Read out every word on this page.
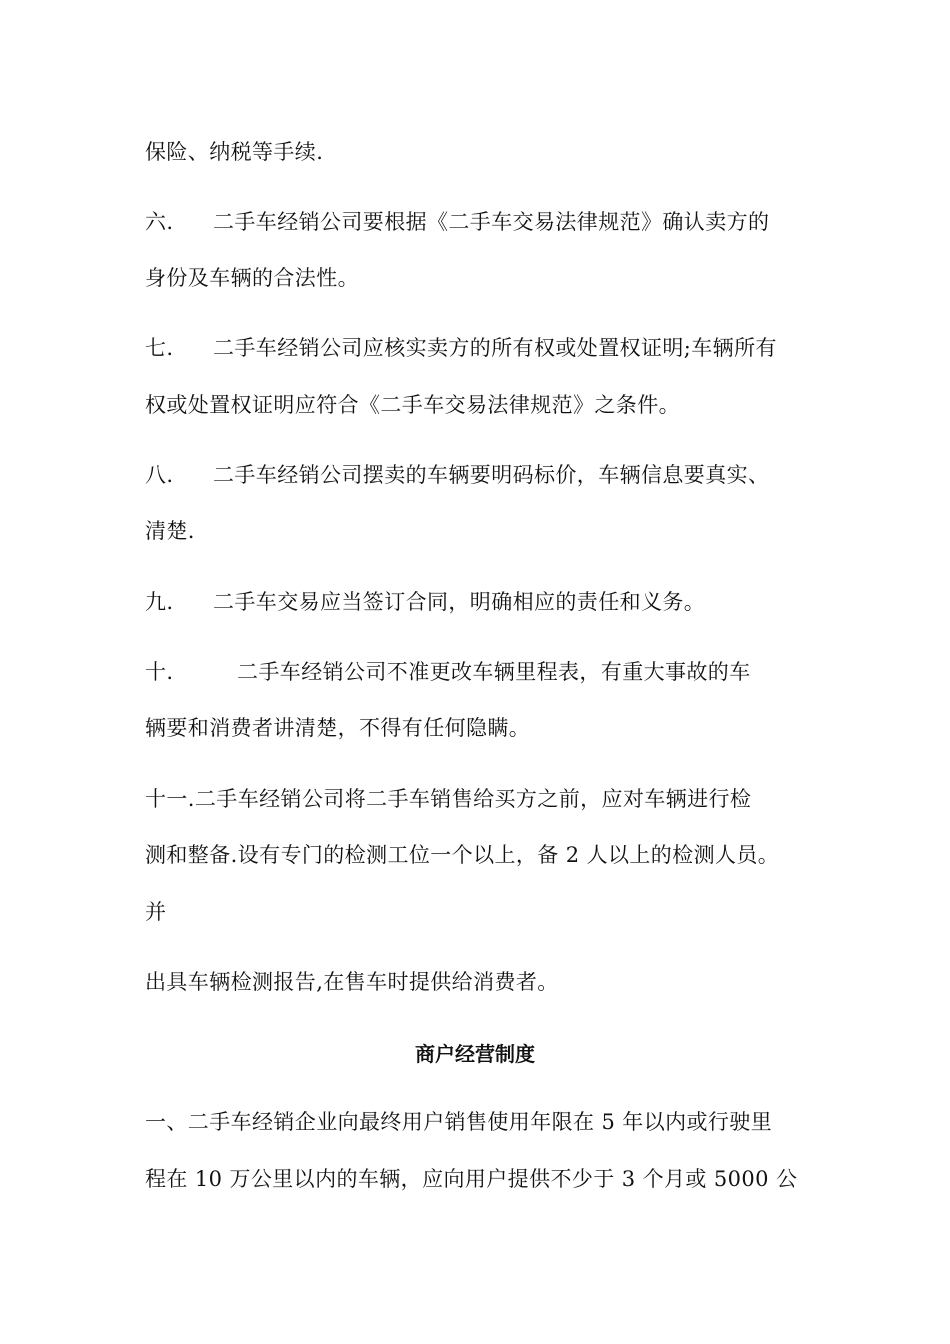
保险、纳税等手续.
六. 二手车经销公司要根据《二手车交易法律规范》确认卖方的
身份及车辆的合法性。
七. 二手车经销公司应核实卖方的所有权或处置权证明;车辆所有
权或处置权证明应符合《二手车交易法律规范》之条件。
八. 二手车经销公司摆卖的车辆要明码标价，车辆信息要真实、
清楚.
九. 二手车交易应当签订合同，明确相应的责任和义务。
十.	二手车经销公司不准更改车辆里程表，有重大事故的车
辆要和消费者讲清楚，不得有任何隐瞒。
十一.二手车经销公司将二手车销售给买方之前，应对车辆进行检
测和整备.设有专门的检测工位一个以上，备 2 人以上的检测人员。
并
出具车辆检测报告,在售车时提供给消费者。
商户经营制度
一、二手车经销企业向最终用户销售使用年限在 5 年以内或行驶里
程在 10 万公里以内的车辆，应向用户提供不少于 3 个月或 5000 公
